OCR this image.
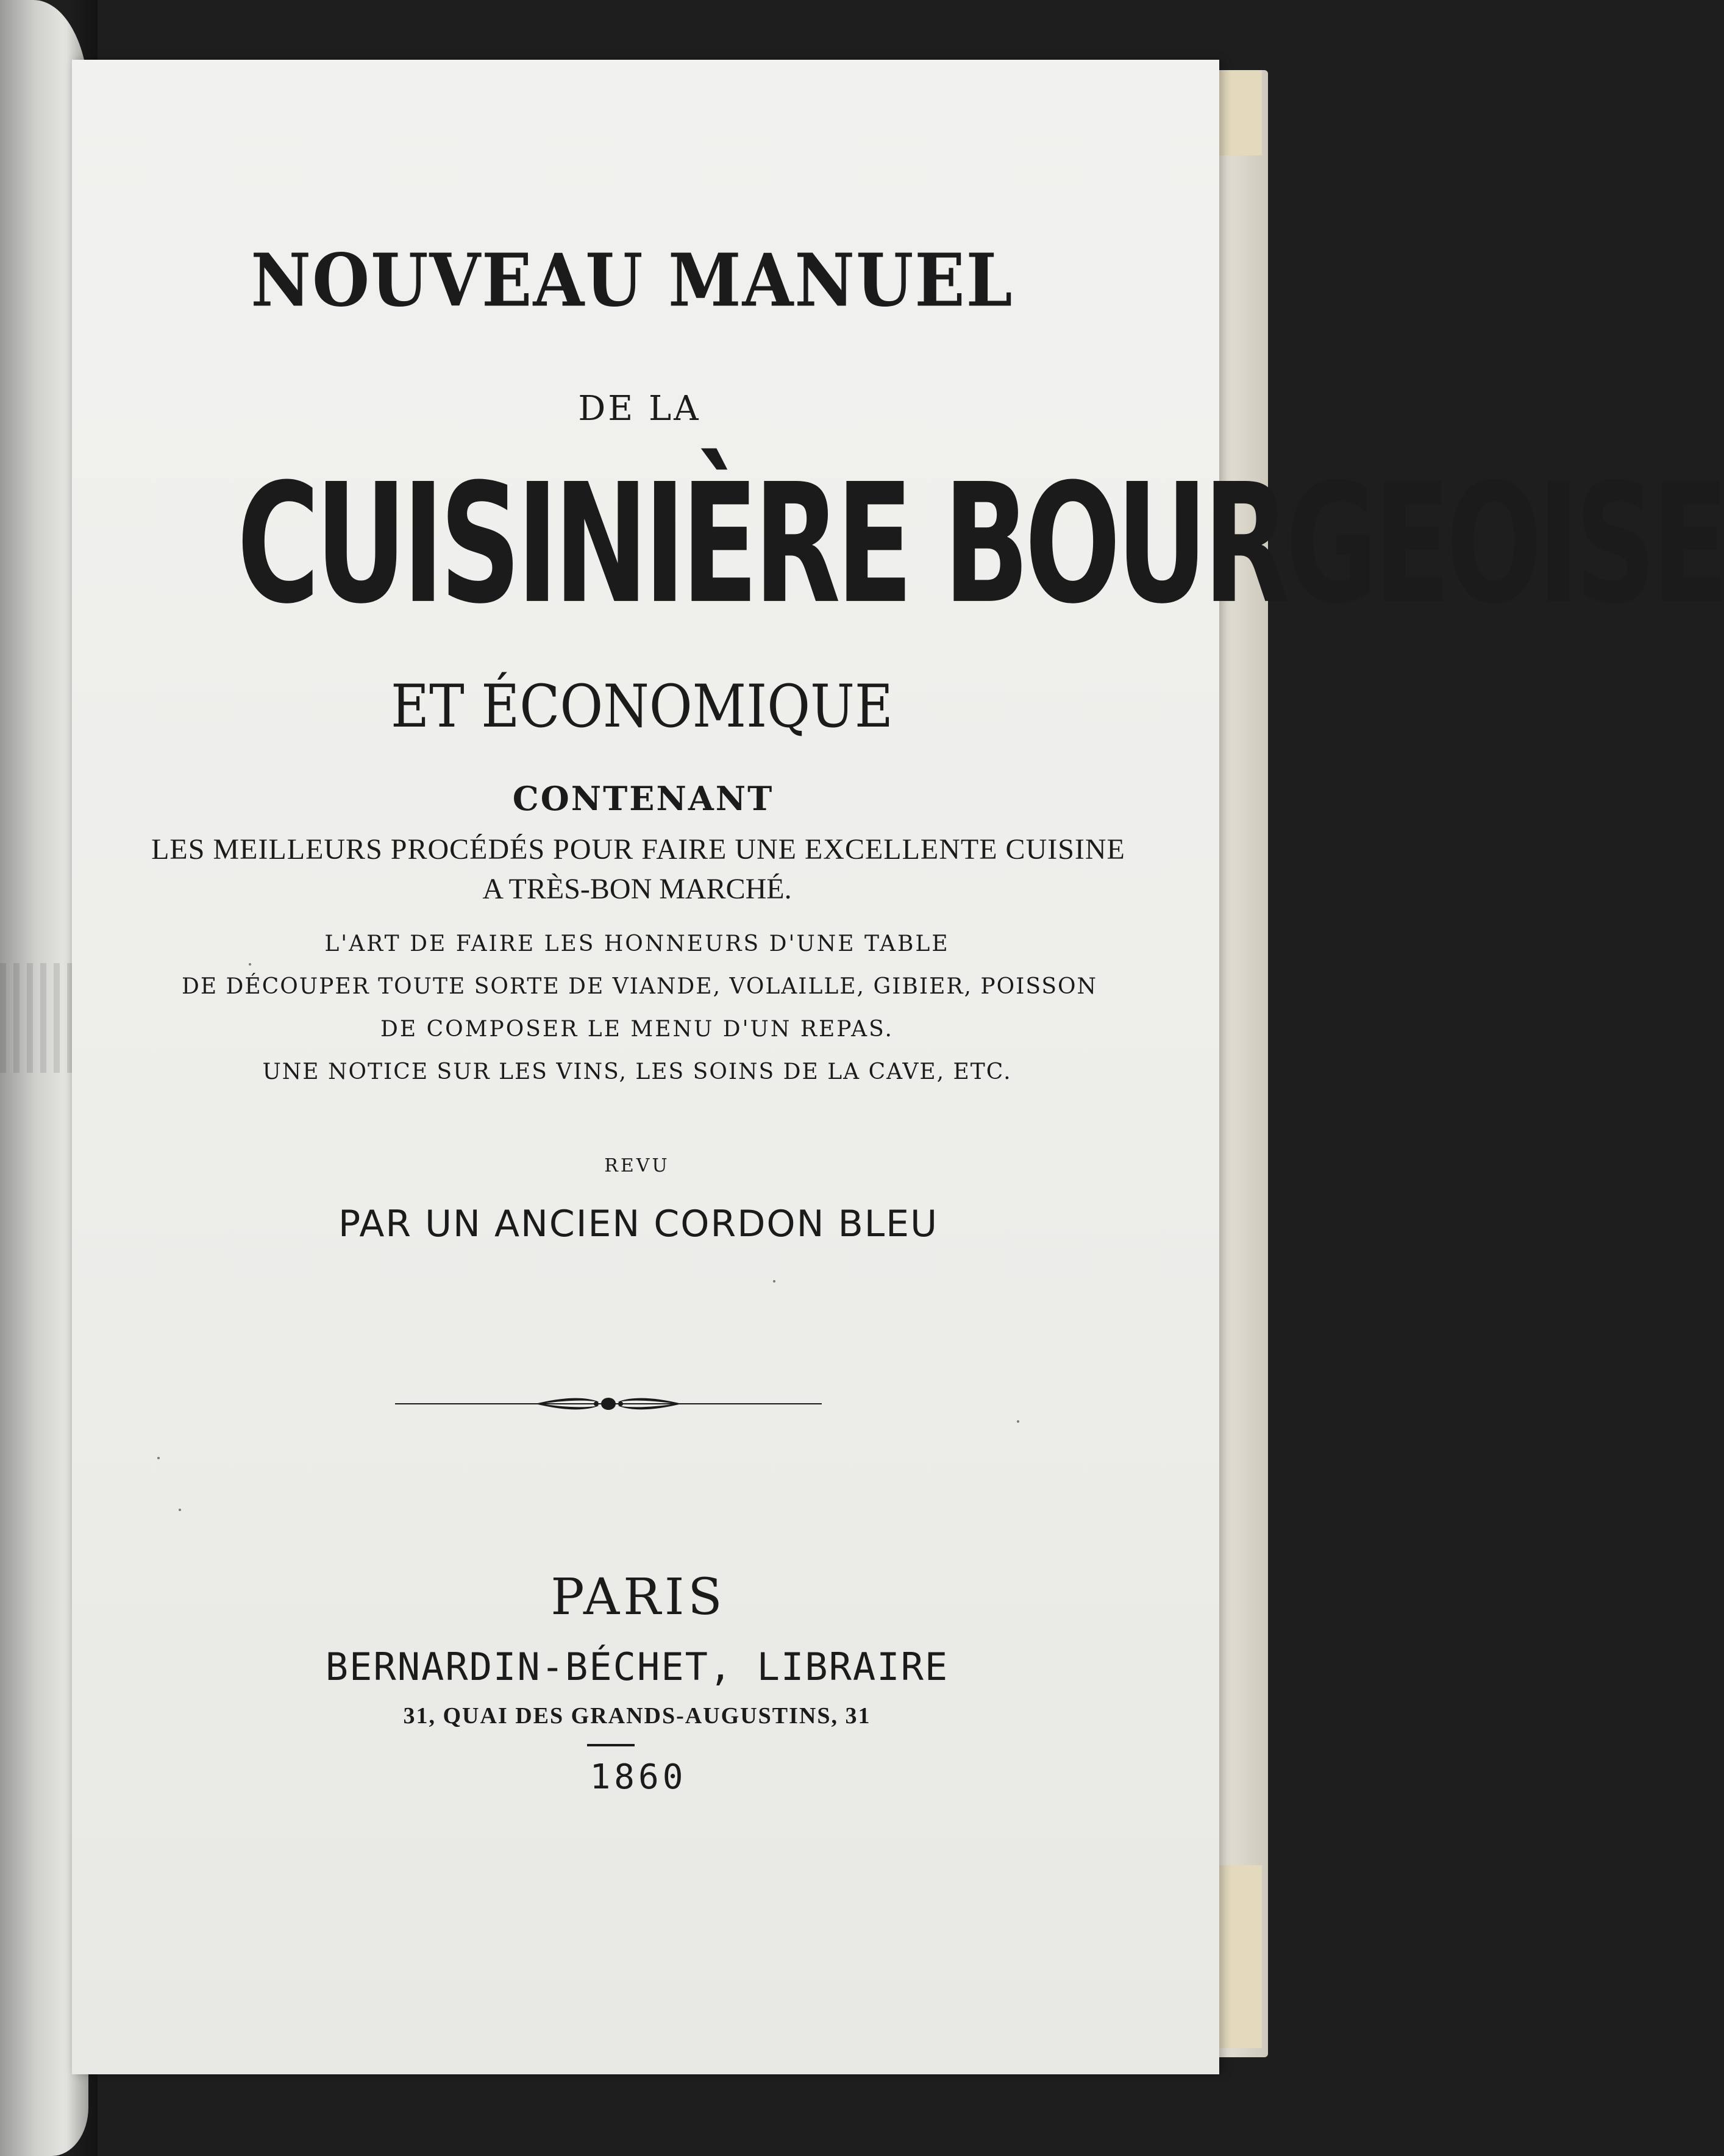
NOUVEAU MANUEL
DE LA
CUISINIÈRE BOURGEOISE
ET ÉCONOMIQUE
CONTENANT
LES MEILLEURS PROCÉDÉS POUR FAIRE UNE EXCELLENTE CUISINE
A TRÈS-BON MARCHÉ.
L'ART DE FAIRE LES HONNEURS D'UNE TABLE
DE DÉCOUPER TOUTE SORTE DE VIANDE, VOLAILLE, GIBIER, POISSON
DE COMPOSER LE MENU D'UN REPAS.
UNE NOTICE SUR LES VINS, LES SOINS DE LA CAVE, ETC.
REVU
PAR UN ANCIEN CORDON BLEU
PARIS
BERNARDIN-BÉCHET, LIBRAIRE
31, QUAI DES GRANDS-AUGUSTINS, 31
1860
